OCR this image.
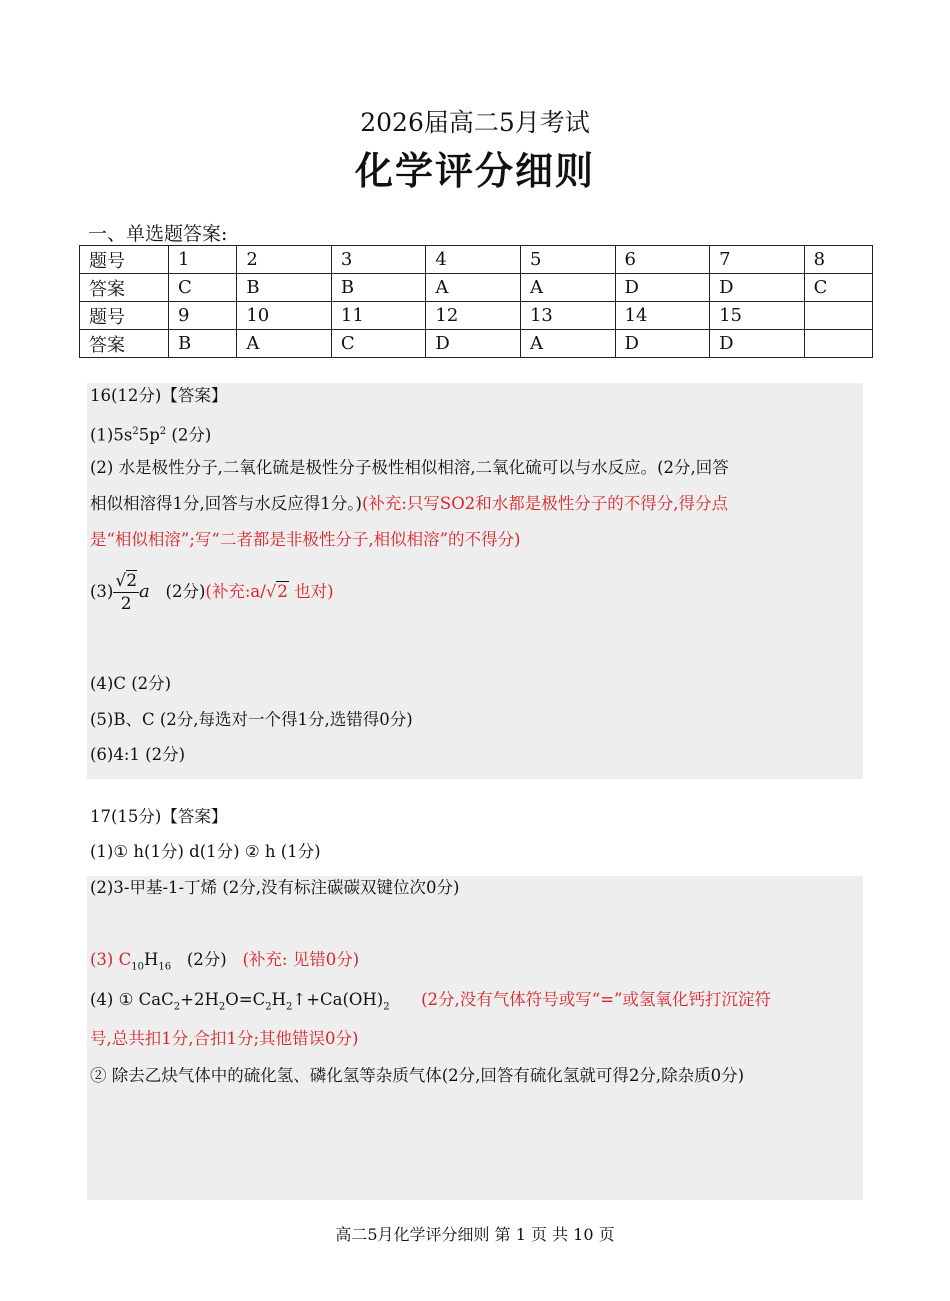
2026届高二5月考试
化学评分细则
一、单选题答案:
题号	1	2	3	4	5	6	7	8
答案	C	B	B	A	A	D	D	C
题号	9	10	11	12	13	14	15	
答案	B	A	C	D	A	D	D	
16(12分)【答案】
$(1)5s^25p^2$ (2分)
(2) 水是极性分子,二氧化硫是极性分子极性相似相溶,二氧化硫可以与水反应。(2分,回答
相似相溶得1分,回答与水反应得1分。)(补充:只写SO2和水都是极性分子的不得分,得分点
是“相似相溶”;写“二者都是非极性分子,相似相溶”的不得分)
$(3) \frac{√2}{2}$ a (2分)(补充:a/√2 也对)
(4)C (2分)
(5)B、C (2分,每选对一个得1分,选错得0分)
(6)4:1 (2分)
17(15分)【答案】
(1)① h(1分) d(1分) ② h (1分)
(2)3-甲基-1-丁烯 (2分,没有标注碳碳双键位次0分)
(3) $C_{10}H_{16}$ (2分) (补充: 见错0分)
(4) ① $CaC_2+2H_2O=C_2H_2↑+Ca(OH)_2$ (2分,没有气体符号或写“=”或氢氧化钙打沉淀符
号,总共扣1分,合扣1分;其他错误0分)
② 除去乙炔气体中的硫化氢、磷化氢等杂质气体(2分,回答有硫化氢就可得2分,除杂质0分)
高二5月化学评分细则 第 1 页 共 10 页
